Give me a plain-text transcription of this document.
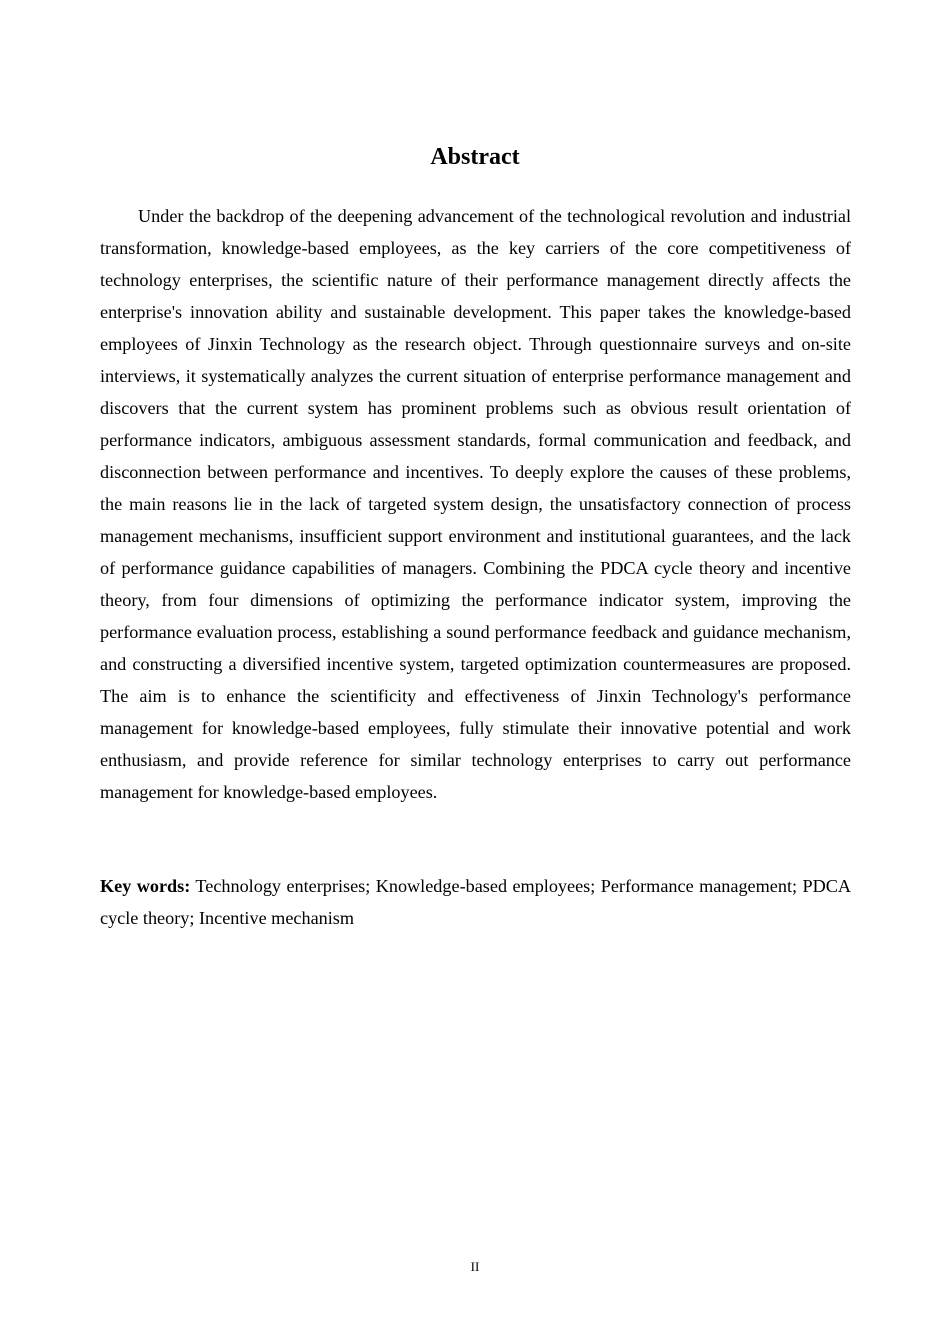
Abstract

Under the backdrop of the deepening advancement of the technological revolution and industrial transformation, knowledge-based employees, as the key carriers of the core competitiveness of technology enterprises, the scientific nature of their performance management directly affects the enterprise's innovation ability and sustainable development. This paper takes the knowledge-based employees of Jinxin Technology as the research object. Through questionnaire surveys and on-site interviews, it systematically analyzes the current situation of enterprise performance management and discovers that the current system has prominent problems such as obvious result orientation of performance indicators, ambiguous assessment standards, formal communication and feedback, and disconnection between performance and incentives. To deeply explore the causes of these problems, the main reasons lie in the lack of targeted system design, the unsatisfactory connection of process management mechanisms, insufficient support environment and institutional guarantees, and the lack of performance guidance capabilities of managers. Combining the PDCA cycle theory and incentive theory, from four dimensions of optimizing the performance indicator system, improving the performance evaluation process, establishing a sound performance feedback and guidance mechanism, and constructing a diversified incentive system, targeted optimization countermeasures are proposed. The aim is to enhance the scientificity and effectiveness of Jinxin Technology's performance management for knowledge-based employees, fully stimulate their innovative potential and work enthusiasm, and provide reference for similar technology enterprises to carry out performance management for knowledge-based employees.

Key words: Technology enterprises; Knowledge-based employees; Performance management; PDCA cycle theory; Incentive mechanism

II
